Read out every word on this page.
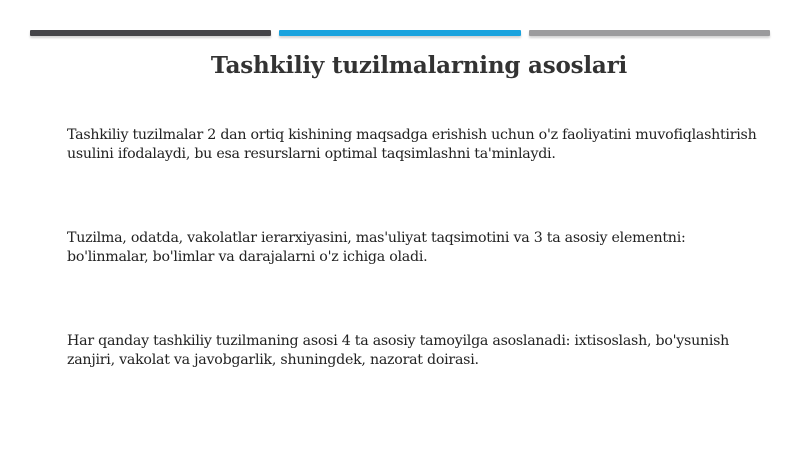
Tashkiliy tuzilmalarning asoslari
Tashkiliy tuzilmalar 2 dan ortiq kishining maqsadga erishish uchun o'z faoliyatini muvofiqlashtirish usulini ifodalaydi, bu esa resurslarni optimal taqsimlashni ta'minlaydi.
Tuzilma, odatda, vakolatlar ierarxiyasini, mas'uliyat taqsimotini va 3 ta asosiy elementni: bo'linmalar, bo'limlar va darajalarni o'z ichiga oladi.
Har qanday tashkiliy tuzilmaning asosi 4 ta asosiy tamoyilga asoslanadi: ixtisoslash, bo'ysunish zanjiri, vakolat va javobgarlik, shuningdek, nazorat doirasi.
